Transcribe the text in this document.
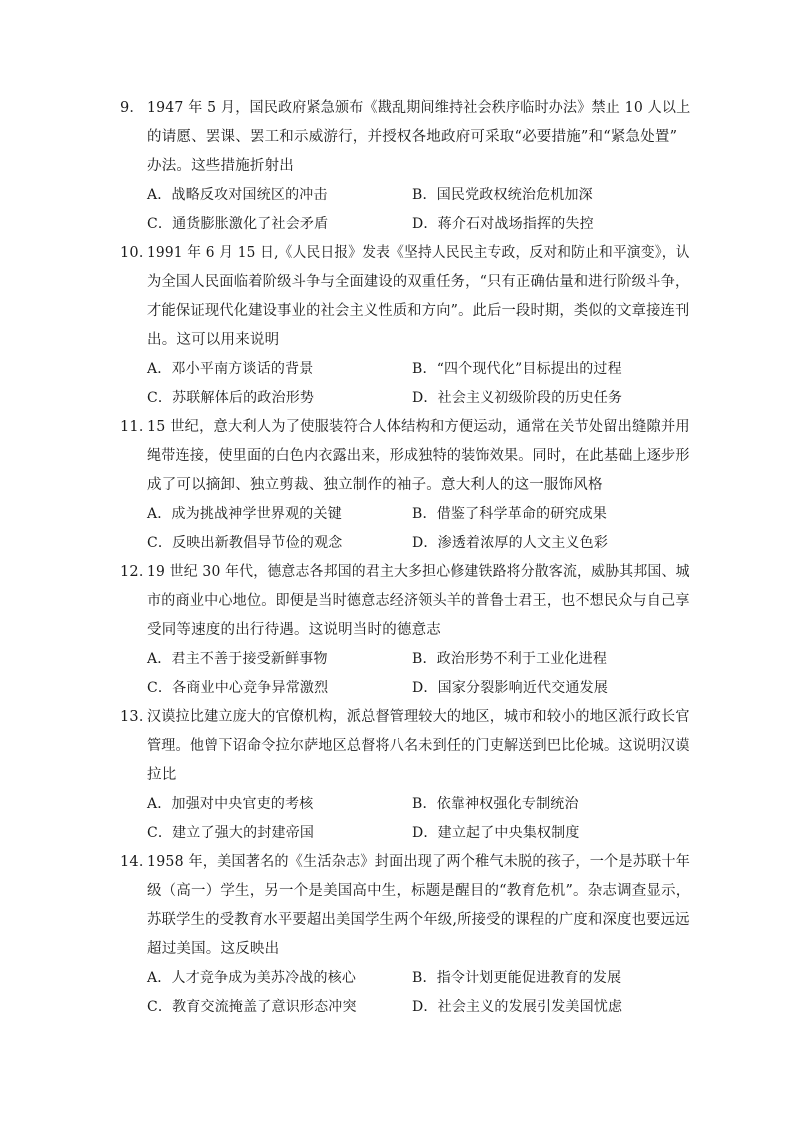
9． 1947 年 5 月，国民政府紧急颁布《戡乱期间维持社会秩序临时办法》禁止 10 人以上
的请愿、罢课、罢工和示威游行，并授权各地政府可采取“必要措施”和“紧急处置”
办法。这些措施折射出
A．战略反攻对国统区的冲击	B．国民党政权统治危机加深
C．通货膨胀激化了社会矛盾	D．蒋介石对战场指挥的失控
10．
1991 年 6 月 15 日,《人民日报》发表《坚持人民民主专政，反对和防止和平演变》，认
为全国人民面临着阶级斗争与全面建设的双重任务，“只有正确估量和进行阶级斗争，
才能保证现代化建设事业的社会主义性质和方向”。此后一段时期，类似的文章接连刊
出。这可以用来说明
A．邓小平南方谈话的背景	B．“四个现代化”目标提出的过程
C．苏联解体后的政治形势	D．社会主义初级阶段的历史任务
11．
15 世纪，意大利人为了使服装符合人体结构和方便运动，通常在关节处留出缝隙并用
绳带连接，使里面的白色内衣露出来，形成独特的装饰效果。同时，在此基础上逐步形
成了可以摘卸、独立剪裁、独立制作的袖子。意大利人的这一服饰风格
A．成为挑战神学世界观的关键	B．借鉴了科学革命的研究成果
C．反映出新教倡导节俭的观念	D．渗透着浓厚的人文主义色彩
12．
19 世纪 30 年代，德意志各邦国的君主大多担心修建铁路将分散客流，威胁其邦国、城
市的商业中心地位。即便是当时德意志经济领头羊的普鲁士君王，也不想民众与自己享
受同等速度的出行待遇。这说明当时的德意志
A．君主不善于接受新鲜事物	B．政治形势不利于工业化进程
C．各商业中心竞争异常激烈	D．国家分裂影响近代交通发展
13．
汉谟拉比建立庞大的官僚机构，派总督管理较大的地区，城市和较小的地区派行政长官
管理。他曾下诏命令拉尔萨地区总督将八名未到任的门吏解送到巴比伦城。这说明汉谟
拉比
A．加强对中央官吏的考核	B．依靠神权强化专制统治
C．建立了强大的封建帝国	D．建立起了中央集权制度
14．
1958 年，美国著名的《生活杂志》封面出现了两个稚气未脱的孩子，一个是苏联十年
级（高一）学生，另一个是美国高中生，标题是醒目的“教育危机”。杂志调查显示，
苏联学生的受教育水平要超出美国学生两个年级,所接受的课程的广度和深度也要远远
超过美国。这反映出
A．人才竞争成为美苏冷战的核心	B．指令计划更能促进教育的发展
C．教育交流掩盖了意识形态冲突	D．社会主义的发展引发美国忧虑
